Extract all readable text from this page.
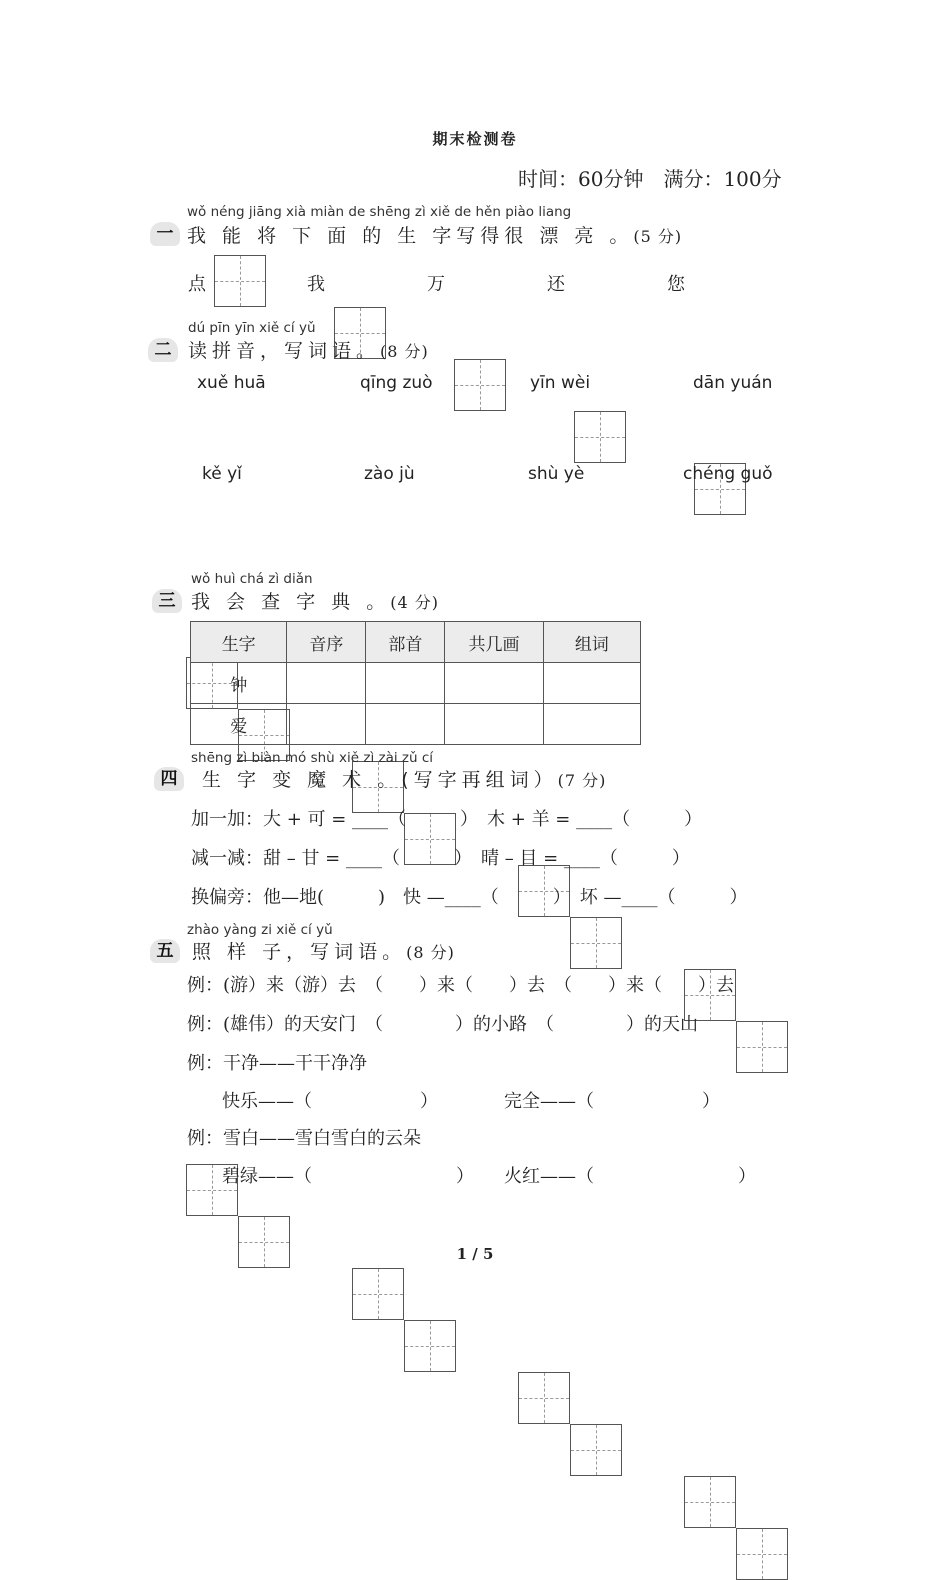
期末检测卷
时间：60分钟　满分：100分
wǒ néng jiāng xià miàn de shēng zì xiě de hěn piào liang
一 我 能 将 下 面 的 生 字写得很 漂 亮 。(5 分)
点	我	万	还	您
dú pīn yīn xiě cí yǔ
二 读拼音，写词语。(8 分)
xuě huā	qīng zuò	yīn wèi	dān yuán
kě yǐ	zào jù	shù yè	chéng guǒ
wǒ huì chá zì diǎn
三 我 会 查 字 典 。(4 分)
生字	音序	部首	共几画	组词
钟				
爱				
shēng zì biàn mó shù xiě zì zài zǔ cí
四	生 字 变 魔 术 。(写字再组词）(7 分)
加一加：大 + 可 = ____（　　　）　木 + 羊 = ____（　　　）
减一减：甜 – 甘 = ____（　　　）　晴 – 目 = ____（　　　）
换偏旁：他—地(　　　)　快 —____（　　　）　坏 —____（　　　）
zhào yàng zi xiě cí yǔ
五 照 样 子，写词语。(8 分)
例：(游）来（游）去　（　　）来（　　）去　（　　）来（　　）去
例：(雄伟）的天安门　（　　　　）的小路　（　　　　）的天山
例：干净——干干净净
快乐——（　　　　　　）	完全——（　　　　　　）
例：雪白——雪白雪白的云朵
碧绿——（　　　　　　　　） 火红——（　　　　　　　　）
1 / 5
